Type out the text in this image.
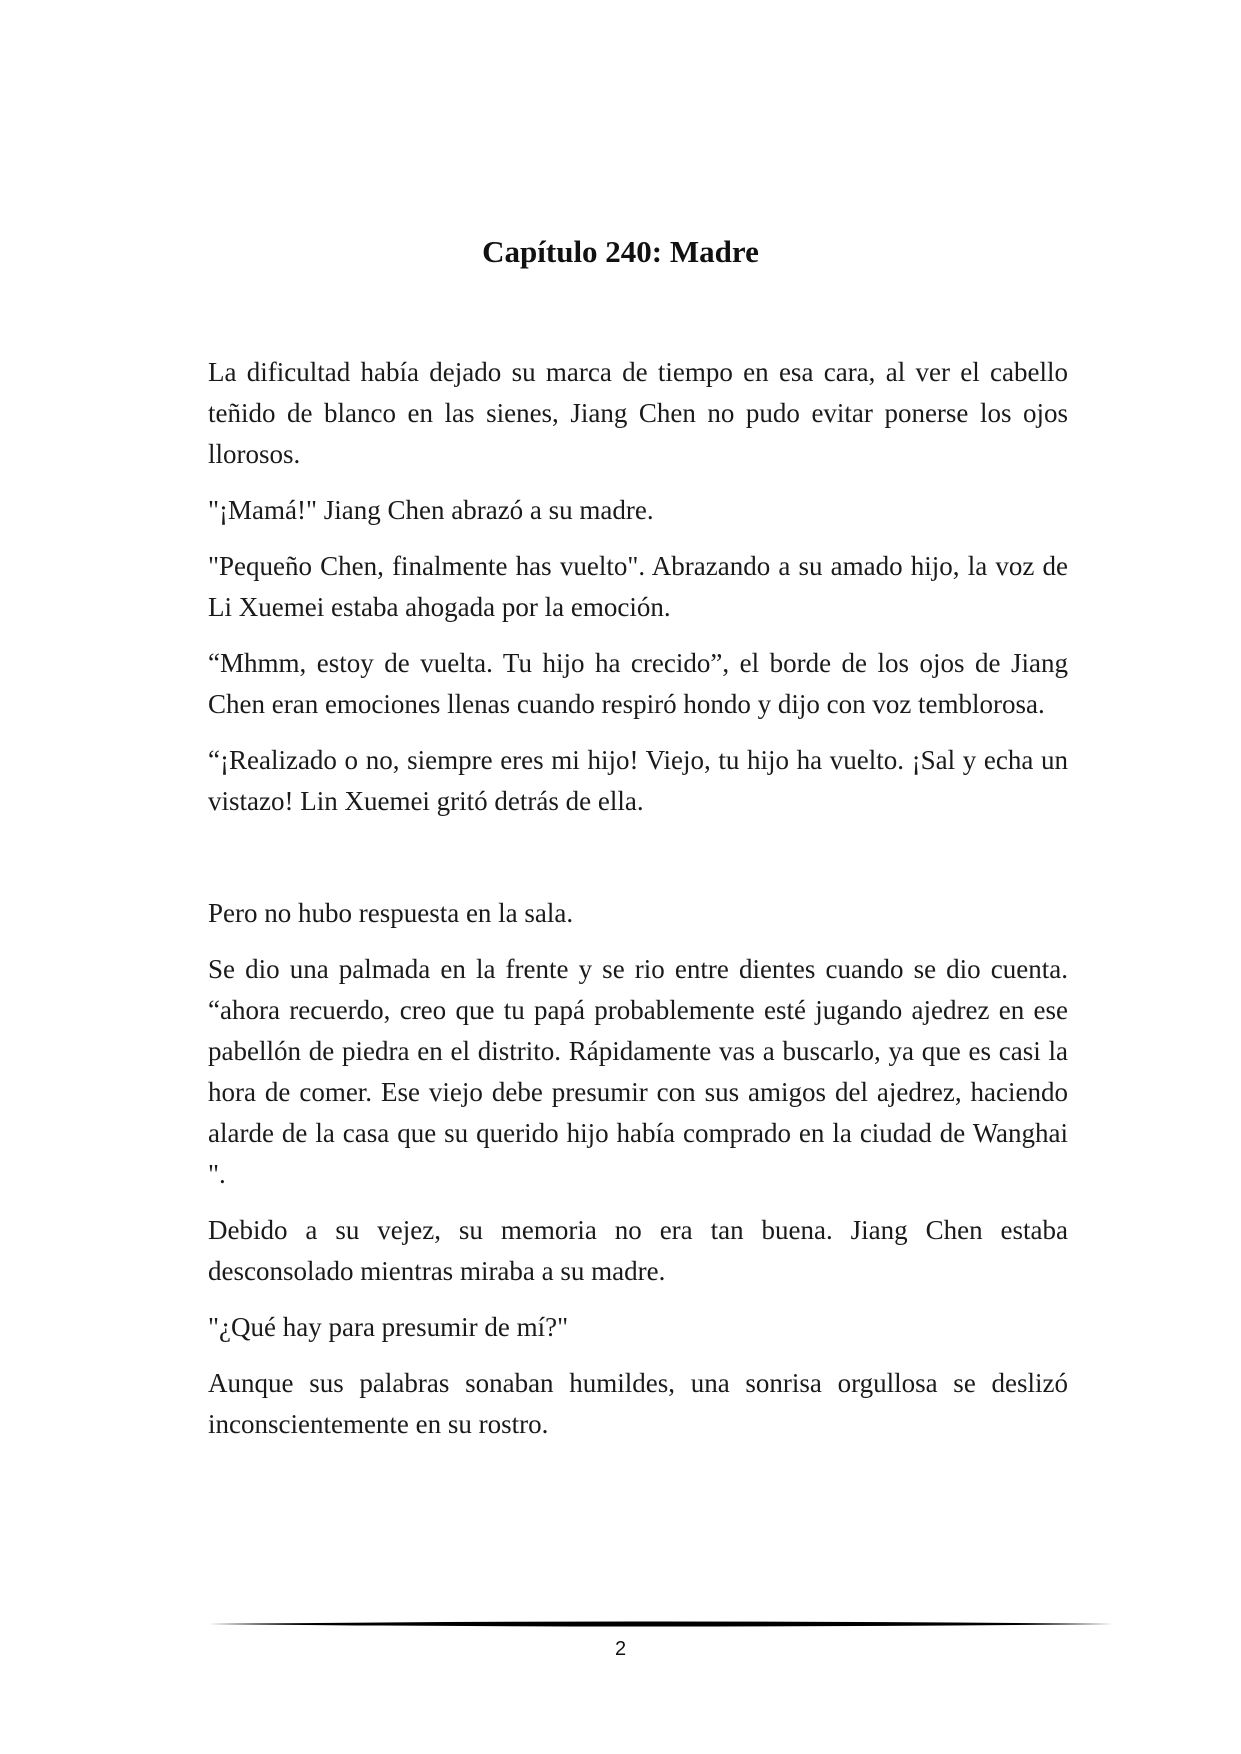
Capítulo 240: Madre

La dificultad había dejado su marca de tiempo en esa cara, al ver el cabello teñido de blanco en las sienes, Jiang Chen no pudo evitar ponerse los ojos llorosos.

"¡Mamá!" Jiang Chen abrazó a su madre.

"Pequeño Chen, finalmente has vuelto". Abrazando a su amado hijo, la voz de Li Xuemei estaba ahogada por la emoción.

“Mhmm, estoy de vuelta. Tu hijo ha crecido”, el borde de los ojos de Jiang Chen eran emociones llenas cuando respiró hondo y dijo con voz temblorosa.

“¡Realizado o no, siempre eres mi hijo! Viejo, tu hijo ha vuelto. ¡Sal y echa un vistazo! Lin Xuemei gritó detrás de ella.

Pero no hubo respuesta en la sala.

Se dio una palmada en la frente y se rio entre dientes cuando se dio cuenta. “ahora recuerdo, creo que tu papá probablemente esté jugando ajedrez en ese pabellón de piedra en el distrito. Rápidamente vas a buscarlo, ya que es casi la hora de comer. Ese viejo debe presumir con sus amigos del ajedrez, haciendo alarde de la casa que su querido hijo había comprado en la ciudad de Wanghai ".

Debido a su vejez, su memoria no era tan buena. Jiang Chen estaba desconsolado mientras miraba a su madre.

"¿Qué hay para presumir de mí?"

Aunque sus palabras sonaban humildes, una sonrisa orgullosa se deslizó inconscientemente en su rostro.

2
